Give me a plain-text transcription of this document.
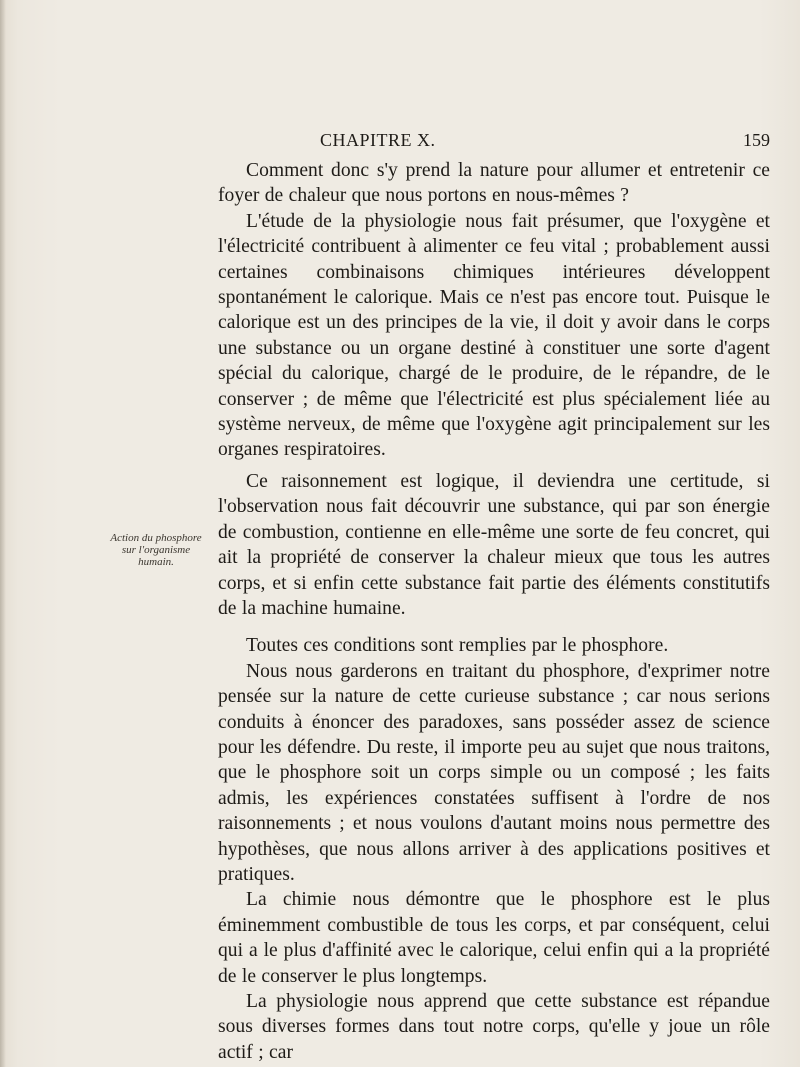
CHAPITRE X.	159
Action du phosphore sur l'organisme humain.

Comment donc s'y prend la nature pour allumer et entretenir ce foyer de chaleur que nous portons en nous-mêmes ?

L'étude de la physiologie nous fait présumer, que l'oxygène et l'électricité contribuent à alimenter ce feu vital ; probablement aussi certaines combinaisons chimiques intérieures développent spontanément le calorique. Mais ce n'est pas encore tout. Puisque le calorique est un des principes de la vie, il doit y avoir dans le corps une substance ou un organe destiné à constituer une sorte d'agent spécial du calorique, chargé de le produire, de le répandre, de le conserver ; de même que l'électricité est plus spécialement liée au système nerveux, de même que l'oxygène agit principalement sur les organes respiratoires.

Ce raisonnement est logique, il deviendra une certitude, si l'observation nous fait découvrir une substance, qui par son énergie de combustion, contienne en elle-même une sorte de feu concret, qui ait la propriété de conserver la chaleur mieux que tous les autres corps, et si enfin cette substance fait partie des éléments constitutifs de la machine humaine.

Toutes ces conditions sont remplies par le phosphore.

Nous nous garderons en traitant du phosphore, d'exprimer notre pensée sur la nature de cette curieuse substance ; car nous serions conduits à énoncer des paradoxes, sans posséder assez de science pour les défendre. Du reste, il importe peu au sujet que nous traitons, que le phosphore soit un corps simple ou un composé ; les faits admis, les expériences constatées suffisent à l'ordre de nos raisonnements ; et nous voulons d'autant moins nous permettre des hypothèses, que nous allons arriver à des applications positives et pratiques.

La chimie nous démontre que le phosphore est le plus éminemment combustible de tous les corps, et par conséquent, celui qui a le plus d'affinité avec le calorique, celui enfin qui a la propriété de le conserver le plus longtemps.

La physiologie nous apprend que cette substance est répandue sous diverses formes dans tout notre corps, qu'elle y joue un rôle actif ; car
